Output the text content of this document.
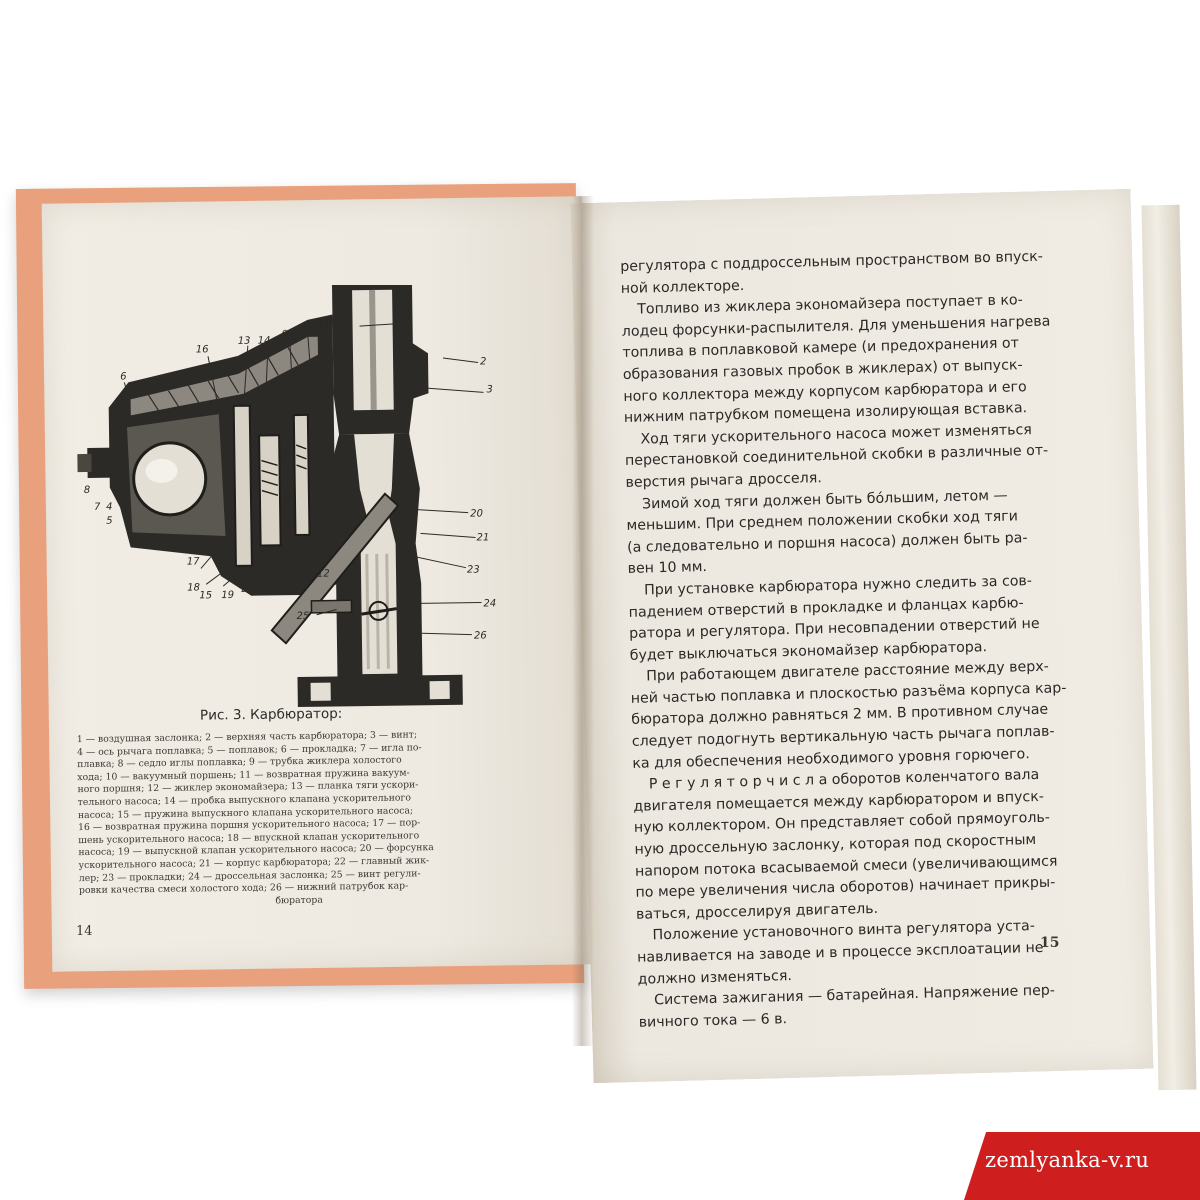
1
2
3
4
5
6
7
8
9
10 11
12
13 14
15
16
17
18
19
20
21
22
23
24
25
26
Рис. 3. Карбюратор:
1 — воздушная заслонка; 2 — верхняя часть карбюратора; 3 — винт;
4 — ось рычага поплавка; 5 — поплавок; 6 — прокладка; 7 — игла по-
плавка; 8 — седло иглы поплавка; 9 — трубка жиклера холостого
хода; 10 — вакуумный поршень; 11 — возвратная пружина вакуум-
ного поршня; 12 — жиклер экономайзера; 13 — планка тяги ускори-
тельного насоса; 14 — пробка выпускного клапана ускорительного
насоса; 15 — пружина выпускного клапана ускорительного насоса;
16 — возвратная пружина поршня ускорительного насоса; 17 — пор-
шень ускорительного насоса; 18 — впускной клапан ускорительного
насоса; 19 — выпускной клапан ускорительного насоса; 20 — форсунка
ускорительного насоса; 21 — корпус карбюратора; 22 — главный жик-
лер; 23 — прокладки; 24 — дроссельная заслонка; 25 — винт регули-
ровки качества смеси холостого хода; 26 — нижний патрубок кар-
бюратора
14
регулятора с поддроссельным пространством во впуск-
ной коллекторе.
Топливо из жиклера экономайзера поступает в ко-
лодец форсунки-распылителя. Для уменьшения нагрева
топлива в поплавковой камере (и предохранения от
образования газовых пробок в жиклерах) от выпуск-
ного коллектора между корпусом карбюратора и его
нижним патрубком помещена изолирующая вставка.
Ход тяги ускорительного насоса может изменяться
перестановкой соединительной скобки в различные от-
верстия рычага дросселя.
Зимой ход тяги должен быть бо́льшим, летом —
меньшим. При среднем положении скобки ход тяги
(а следовательно и поршня насоса) должен быть ра-
вен 10 мм.
При установке карбюратора нужно следить за сов-
падением отверстий в прокладке и фланцах карбю-
ратора и регулятора. При несовпадении отверстий не
будет выключаться экономайзер карбюратора.
При работающем двигателе расстояние между верх-
ней частью поплавка и плоскостью разъёма корпуса кар-
бюратора должно равняться 2 мм. В противном случае
следует подогнуть вертикальную часть рычага поплав-
ка для обеспечения необходимого уровня горючего.
Р е г у л я т о р ч и с л а оборотов коленчатого вала
двигателя помещается между карбюратором и впуск-
ную коллектором. Он представляет собой прямоуголь-
ную дроссельную заслонку, которая под скоростным
напором потока всасываемой смеси (увеличивающимся
по мере увеличения числа оборотов) начинает прикры-
ваться, дросселируя двигатель.
Положение установочного винта регулятора уста-
навливается на заводе и в процессе эксплоатации не
должно изменяться.
Система зажигания — батарейная. Напряжение пер-
вичного тока — 6 в.
15
zemlyanka-v.ru
